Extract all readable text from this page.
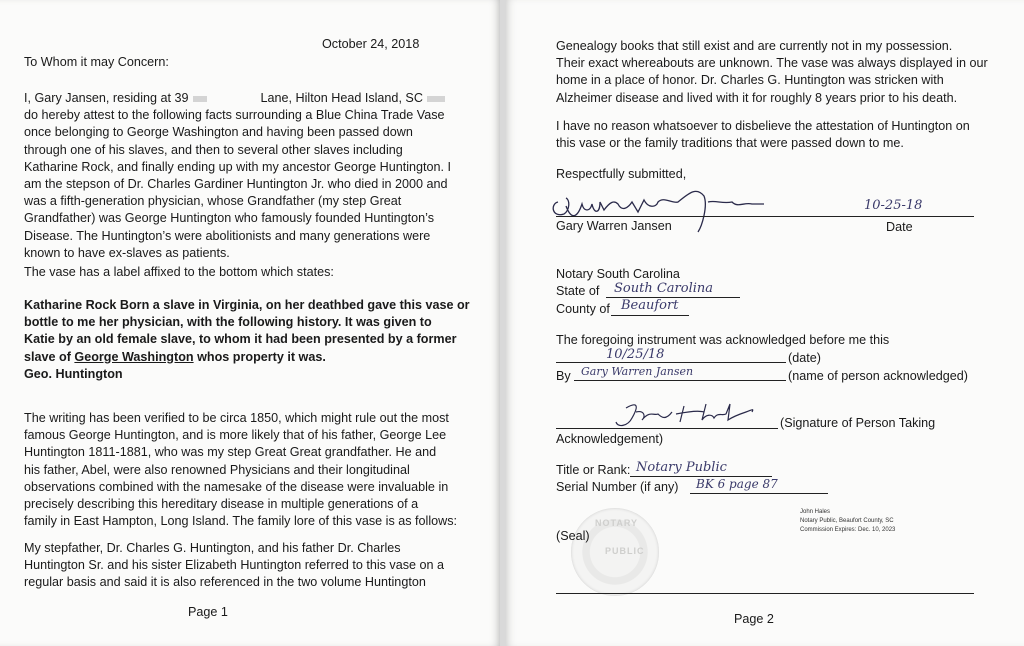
October 24, 2018
To Whom it may Concern:
I, Gary Jansen, residing at 39	Lane, Hilton Head Island, SC
do hereby attest to the following facts surrounding a Blue China Trade Vase
once belonging to George Washington and having been passed down
through one of his slaves, and then to several other slaves including
Katharine Rock, and finally ending up with my ancestor George Huntington. I
am the stepson of Dr. Charles Gardiner Huntington Jr. who died in 2000 and
was a fifth-generation physician, whose Grandfather (my step Great
Grandfather) was George Huntington who famously founded Huntington’s
Disease. The Huntington’s were abolitionists and many generations were
known to have ex-slaves as patients.
The vase has a label affixed to the bottom which states:
Katharine Rock Born a slave in Virginia, on her deathbed gave this vase or
bottle to me her physician, with the following history. It was given to
Katie by an old female slave, to whom it had been presented by a former
slave of George Washington whos property it was.
Geo. Huntington
The writing has been verified to be circa 1850, which might rule out the most
famous George Huntington, and is more likely that of his father, George Lee
Huntington 1811-1881, who was my step Great Great grandfather. He and
his father, Abel, were also renowned Physicians and their longitudinal
observations combined with the namesake of the disease were invaluable in
precisely describing this hereditary disease in multiple generations of a
family in East Hampton, Long Island. The family lore of this vase is as follows:
My stepfather, Dr. Charles G. Huntington, and his father Dr. Charles
Huntington Sr. and his sister Elizabeth Huntington referred to this vase on a
regular basis and said it is also referenced in the two volume Huntington
Page 1
Genealogy books that still exist and are currently not in my possession.
Their exact whereabouts are unknown. The vase was always displayed in our
home in a place of honor. Dr. Charles G. Huntington was stricken with
Alzheimer disease and lived with it for roughly 8 years prior to his death.
I have no reason whatsoever to disbelieve the attestation of Huntington on
this vase or the family traditions that were passed down to me.
Respectfully submitted,
10-25-18
Gary Warren Jansen	Date
Notary South Carolina
State of South Carolina
County of Beaufort
The foregoing instrument was acknowledged before me this
10/25/18	(date)
By Gary Warren Jansen	(name of person acknowledged)
(Signature of Person Taking
Acknowledgement)
Title or Rank: Notary Public
Serial Number (if any) BK 6 page 87
NOTARY
PUBLIC
(Seal)
John Hales
Notary Public, Beaufort County, SC
Commission Expires: Dec. 10, 2023
Page 2
